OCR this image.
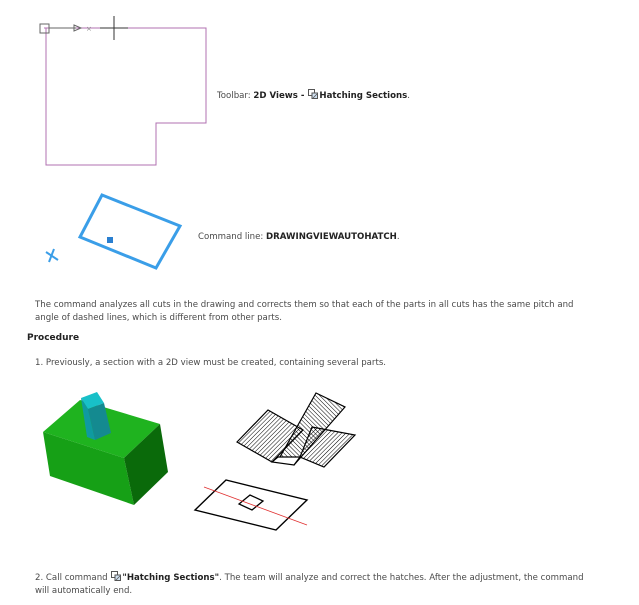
×
Toolbar: 2D Views - Hatching Sections.
Command line: DRAWINGVIEWAUTOHATCH.
The command analyzes all cuts in the drawing and corrects them so that each of the parts in all cuts has the same pitch and angle of dashed lines, which is different from other parts.
Procedure
1. Previously, a section with a 2D view must be created, containing several parts.
2. Call command "Hatching Sections". The team will analyze and correct the hatches. After the adjustment, the command will automatically end.
